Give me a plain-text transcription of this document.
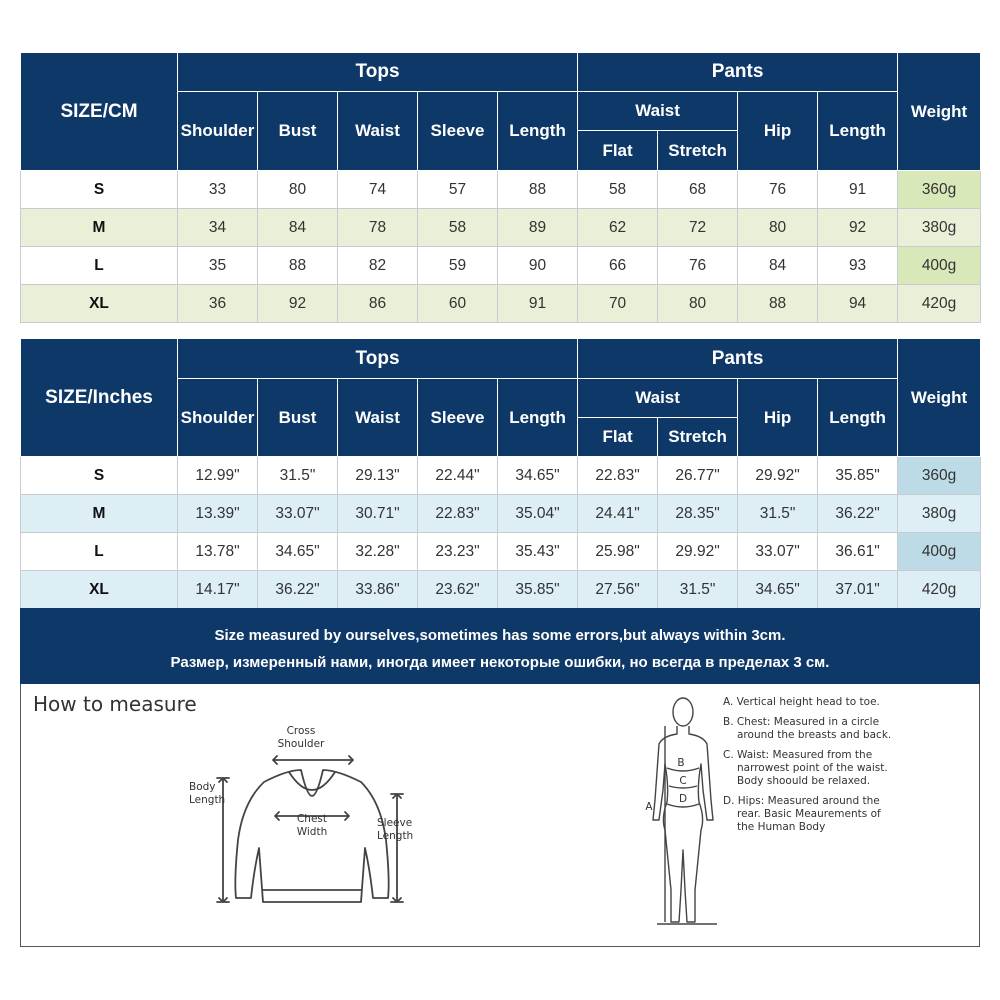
SIZE/CM	Tops					Pants				Weight
	Shoulder	Bust	Waist	Sleeve	Length	Waist		Hip	Length	
						Flat	Stretch			
S	33	80	74	57	88	58	68	76	91	360g
M	34	84	78	58	89	62	72	80	92	380g
L	35	88	82	59	90	66	76	84	93	400g
XL	36	92	86	60	91	70	80	88	94	420g
SIZE/Inches	Tops					Pants				Weight
	Shoulder	Bust	Waist	Sleeve	Length	Waist		Hip	Length	
						Flat	Stretch			
S	12.99"	31.5"	29.13"	22.44"	34.65"	22.83"	26.77"	29.92"	35.85"	360g
M	13.39"	33.07"	30.71"	22.83"	35.04"	24.41"	28.35"	31.5"	36.22"	380g
L	13.78"	34.65"	32.28"	23.23"	35.43"	25.98"	29.92"	33.07"	36.61"	400g
XL	14.17"	36.22"	33.86"	23.62"	35.85"	27.56"	31.5"	34.65"	37.01"	420g
Size measured by ourselves,sometimes has some errors,but always within 3cm.
Размер, измеренный нами, иногда имеет некоторые ошибки, но всегда в пределах 3 см.
How to measure
Cross
Shoulder
Body
Length
Chest
Width
Sleeve
Length
B
C
D
A
A. Vertical height head to toe.
B. Chest: Measured in a circle around the breasts and back.
C. Waist: Measured from the narrowest point of the waist. Body shoould be relaxed.
D. Hips: Measured around the rear. Basic Meaurements of the Human Body
